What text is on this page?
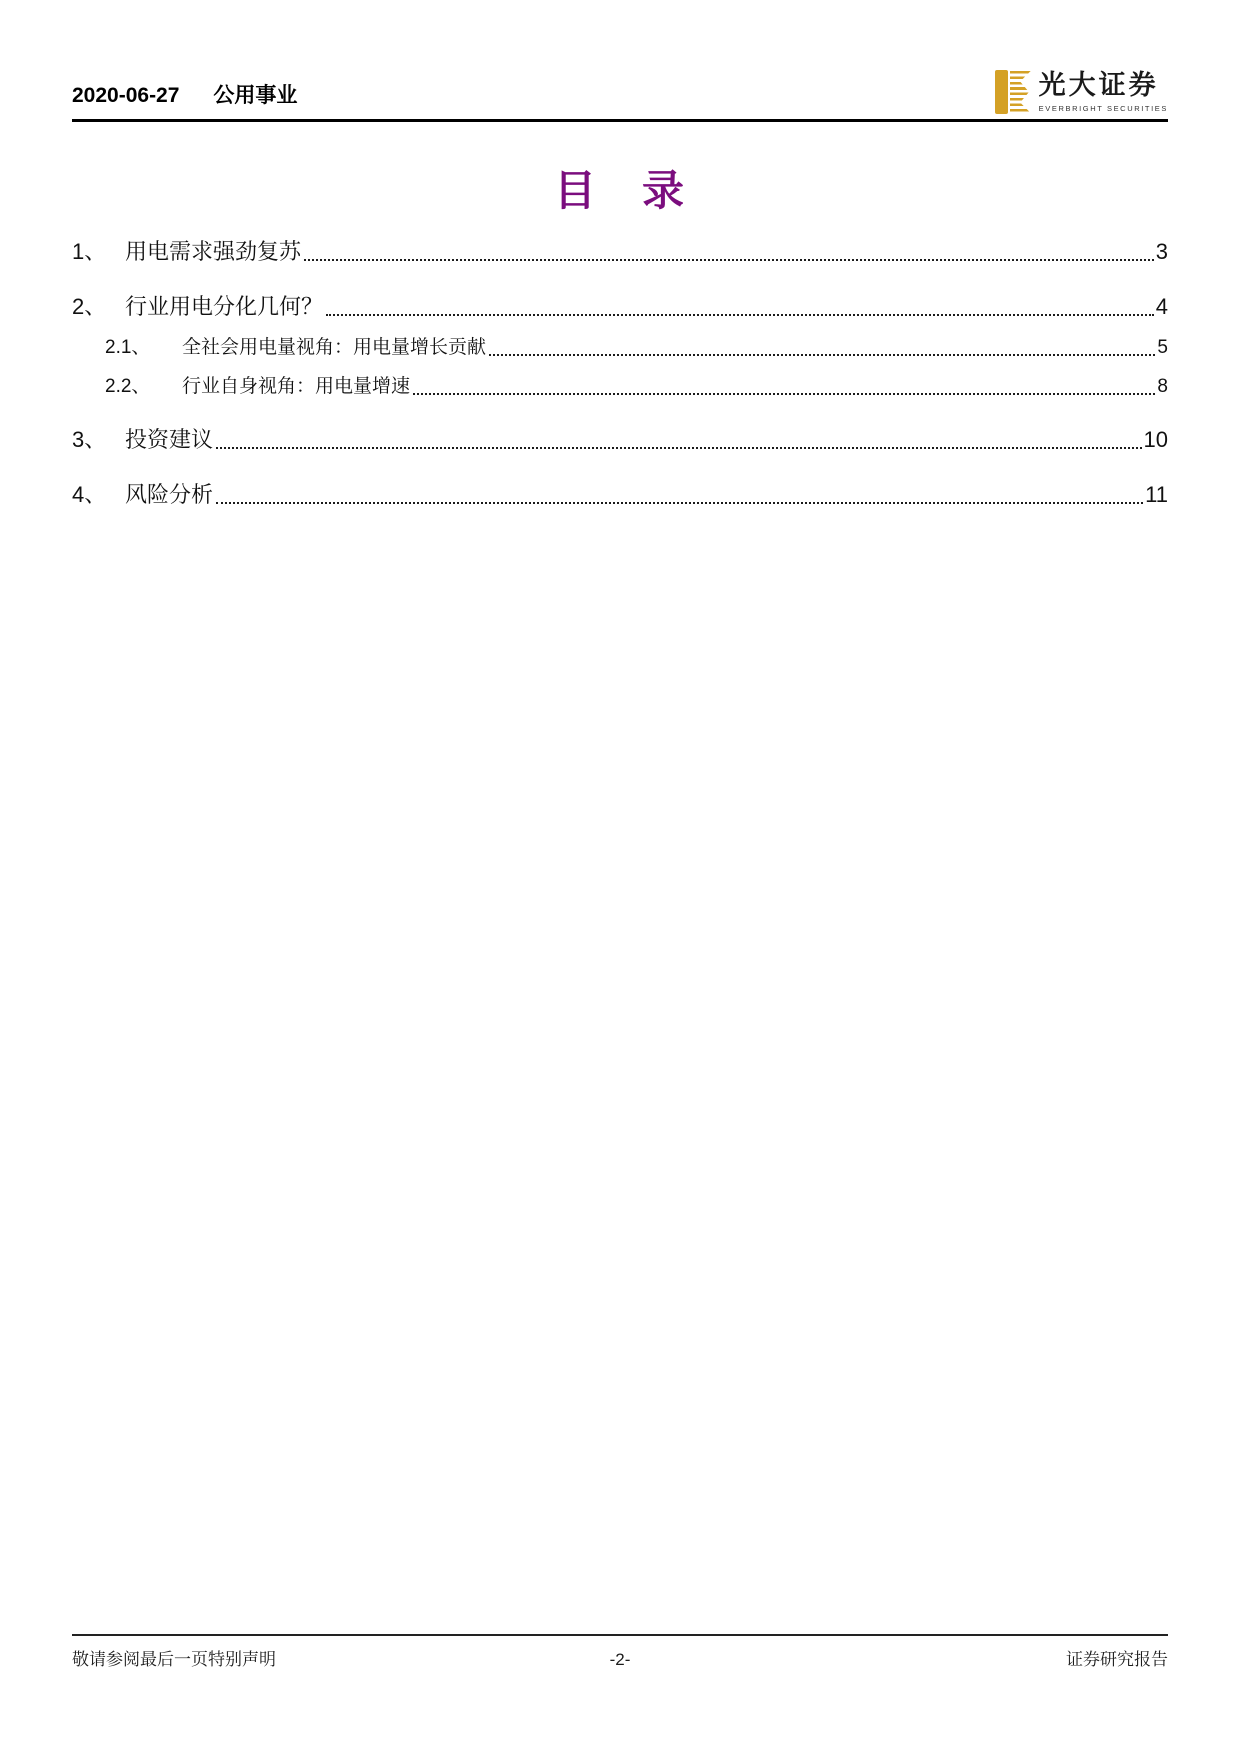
2020-06-27 公用事业	光大证券
EVERBRIGHT SECURITIES
目　录
1、 用电需求强劲复苏	3
2、 行业用电分化几何？	4
2.1、	全社会用电量视角：用电量增长贡献	5
2.2、	行业自身视角：用电量增速	8
3、 投资建议	10
4、 风险分析	11
敬请参阅最后一页特别声明	-2-	证券研究报告
